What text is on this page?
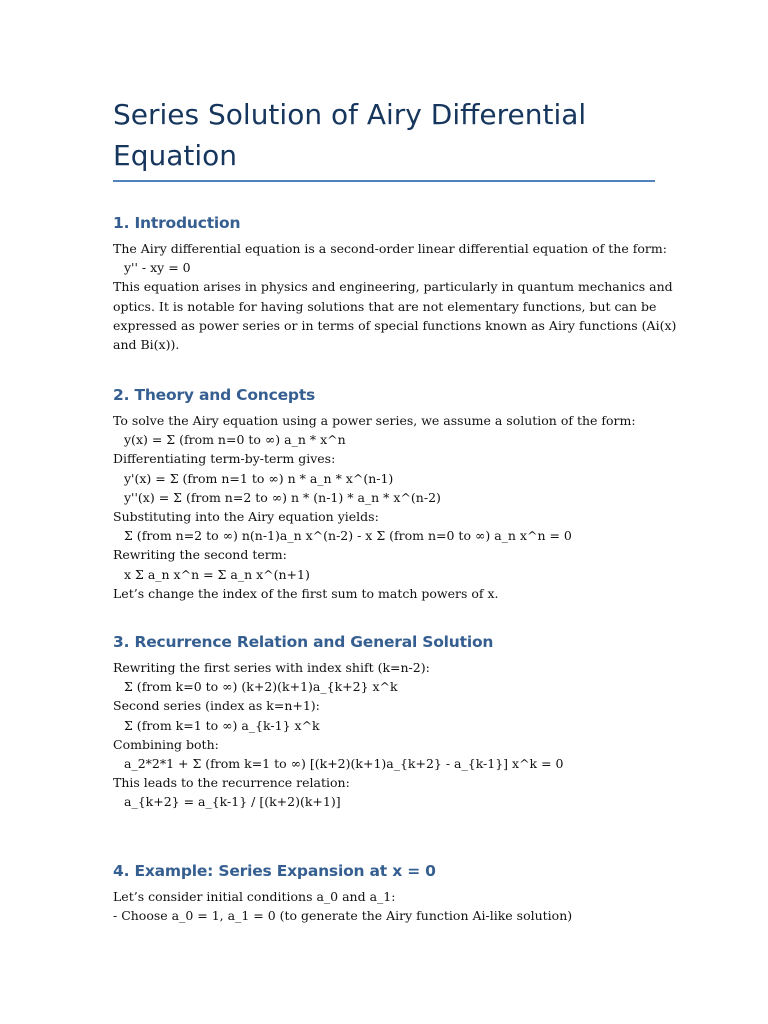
Series Solution of Airy Differential Equation
1. Introduction
The Airy differential equation is a second-order linear differential equation of the form:
y'' - xy = 0
This equation arises in physics and engineering, particularly in quantum mechanics and
optics. It is notable for having solutions that are not elementary functions, but can be
expressed as power series or in terms of special functions known as Airy functions (Ai(x)
and Bi(x)).
2. Theory and Concepts
To solve the Airy equation using a power series, we assume a solution of the form:
y(x) = Σ (from n=0 to ∞) a_n * x^n
Differentiating term-by-term gives:
y'(x) = Σ (from n=1 to ∞) n * a_n * x^(n-1)
y''(x) = Σ (from n=2 to ∞) n * (n-1) * a_n * x^(n-2)
Substituting into the Airy equation yields:
Σ (from n=2 to ∞) n(n-1)a_n x^(n-2) - x Σ (from n=0 to ∞) a_n x^n = 0
Rewriting the second term:
x Σ a_n x^n = Σ a_n x^(n+1)
Let’s change the index of the first sum to match powers of x.
3. Recurrence Relation and General Solution
Rewriting the first series with index shift (k=n-2):
Σ (from k=0 to ∞) (k+2)(k+1)a_{k+2} x^k
Second series (index as k=n+1):
Σ (from k=1 to ∞) a_{k-1} x^k
Combining both:
a_2*2*1 + Σ (from k=1 to ∞) [(k+2)(k+1)a_{k+2} - a_{k-1}] x^k = 0
This leads to the recurrence relation:
a_{k+2} = a_{k-1} / [(k+2)(k+1)]
4. Example: Series Expansion at x = 0
Let’s consider initial conditions a_0 and a_1:
- Choose a_0 = 1, a_1 = 0 (to generate the Airy function Ai-like solution)
